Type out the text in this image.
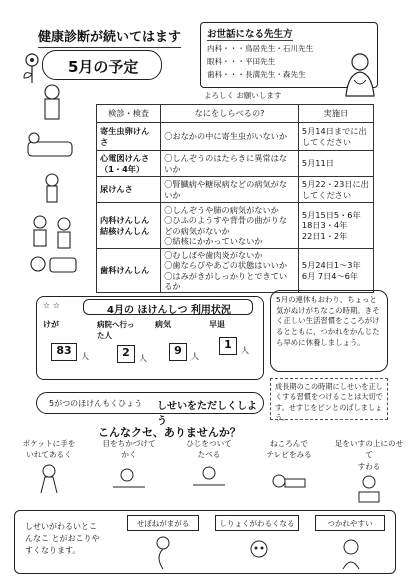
健康診断が続いてはます
5月の予定
お世話になる先生方
内科・・・鳥居先生・石川先生
眼科・・・平田先生
歯科・・・長満先生・森先生
よろしく お願いします
検診・検査	なにをしらべるの?	実施日
寄生虫卵けんさ	〇おなかの中に寄生虫がいないか	5月14日までに出してください
心電図けんさ（1・4年）	〇しんぞうのはたらきに異常はないか	5月11日
尿けんさ	〇腎臓病や糖尿病などの病気がないか	5月22・23日に出してください
内科けんしん結核けんしん	〇しんぞうや肺の病気がないか
〇ひふのようすや背骨の曲がりなどの病気がないか
〇結核にかかっていないか	5月15日5・6年
18日3・4年
22日1・2年
歯科けんしん	〇むしばや歯肉炎がないか
〇歯ならびやあごの状態はいいか
〇はみがきがしっかりとできているか	5月24日1〜3年
6月 7日4〜6年
☆ ☆	4月の ほけんしつ 利用状況
けが
83	人
病院へ行った人
2	人
病気
9	人
早退
1	人
5月の連休もおわり、ちょっと気がぬけがちなこの時期。きそく正しい生活習慣をこころがけるとともに、つかれをかんじたら早めに休養しましょう。
成長期のこの時期にしせいを正しくする習慣をつけることは大切です。せすじをピンとのばしましょう。
5がつのほけんもくひょう しせいをただしくしよう
こんなクセ、ありませんか？
ポケットに手を
いれてあるく
目をちかづけて
かく
ひじをついて
たべる
ねころんで
テレビをみる
足をいすの上にのせて
すわる
しせいがわるいとこんなこ とがおこりやすくなります。
せぼねがまがる	しりょくがわるくなる	つかれやすい
